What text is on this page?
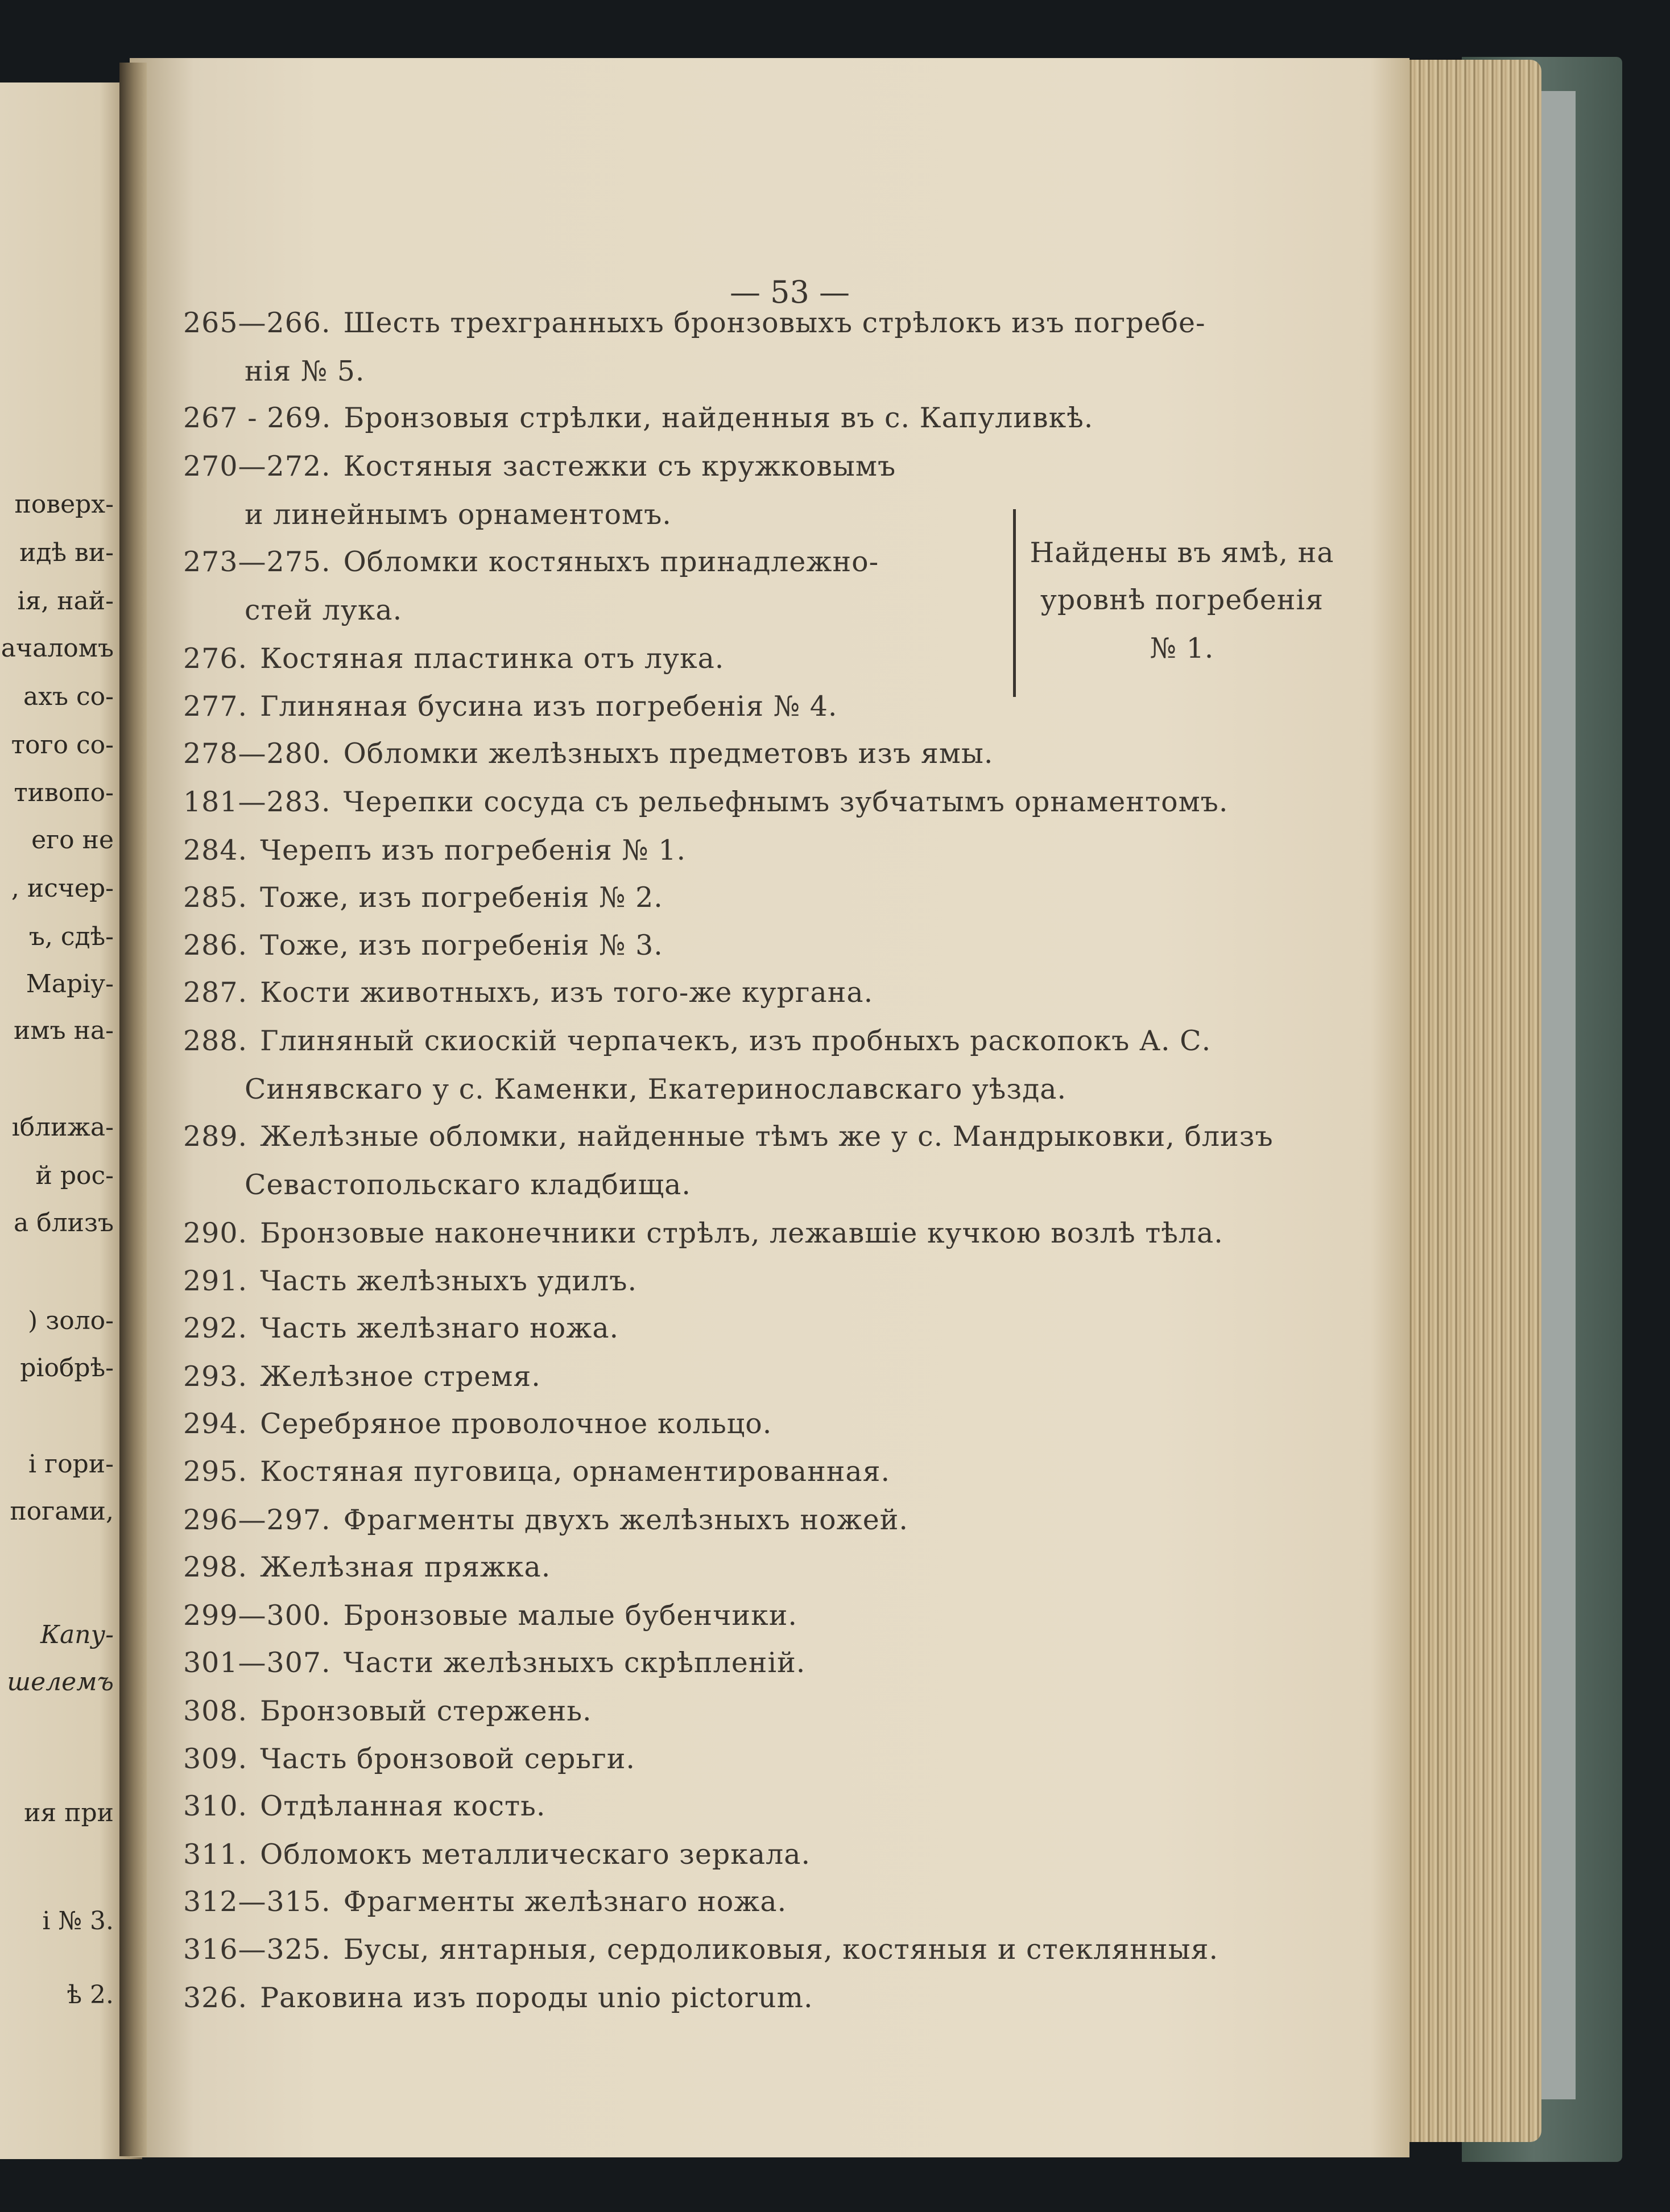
поверх-
идѣ ви-
ія, най-
ачаломъ
ахъ со-
того со-
тивопо-
его не
, исчер-
ъ, сдѣ-
Маріу-
имъ на-
ıближа-
й рос-
а близъ
) золо-
ріобрѣ-
і гори-
погами,
Капу-
шелемъ
ия при
і № 3.
ѣ 2.
— 53 —
Найдены въ ямѣ, на
уровнѣ погребенія
№ 1.
265—266. Шесть трехгранныхъ бронзовыхъ стрѣлокъ изъ погребе-
нія № 5.
267 - 269. Бронзовыя стрѣлки, найденныя въ с. Капуливкѣ.
270—272. Костяныя застежки съ кружковымъ
и линейнымъ орнаментомъ.
273—275. Обломки костяныхъ принадлежно-
стей лука.
276. Костяная пластинка отъ лука.
277. Глиняная бусина изъ погребенія № 4.
278—280. Обломки желѣзныхъ предметовъ изъ ямы.
181—283. Черепки сосуда съ рельефнымъ зубчатымъ орнаментомъ.
284. Черепъ изъ погребенія № 1.
285. Тоже, изъ погребенія № 2.
286. Тоже, изъ погребенія № 3.
287. Кости животныхъ, изъ того-же кургана.
288. Глиняный скиоскій черпачекъ, изъ пробныхъ раскопокъ А. С.
Синявскаго у с. Каменки, Екатеринославскаго уѣзда.
289. Желѣзные обломки, найденные тѣмъ же у с. Мандрыковки, близъ
Севастопольскаго кладбища.
290. Бронзовые наконечники стрѣлъ, лежавшіе кучкою возлѣ тѣла.
291. Часть желѣзныхъ удилъ.
292. Часть желѣзнаго ножа.
293. Желѣзное стремя.
294. Серебряное проволочное кольцо.
295. Костяная пуговица, орнаментированная.
296—297. Фрагменты двухъ желѣзныхъ ножей.
298. Желѣзная пряжка.
299—300. Бронзовые малые бубенчики.
301—307. Части желѣзныхъ скрѣпленій.
308. Бронзовый стержень.
309. Часть бронзовой серьги.
310. Отдѣланная кость.
311. Обломокъ металлическаго зеркала.
312—315. Фрагменты желѣзнаго ножа.
316—325. Бусы, янтарныя, сердоликовыя, костяныя и стеклянныя.
326. Раковина изъ породы unio pictorum.
